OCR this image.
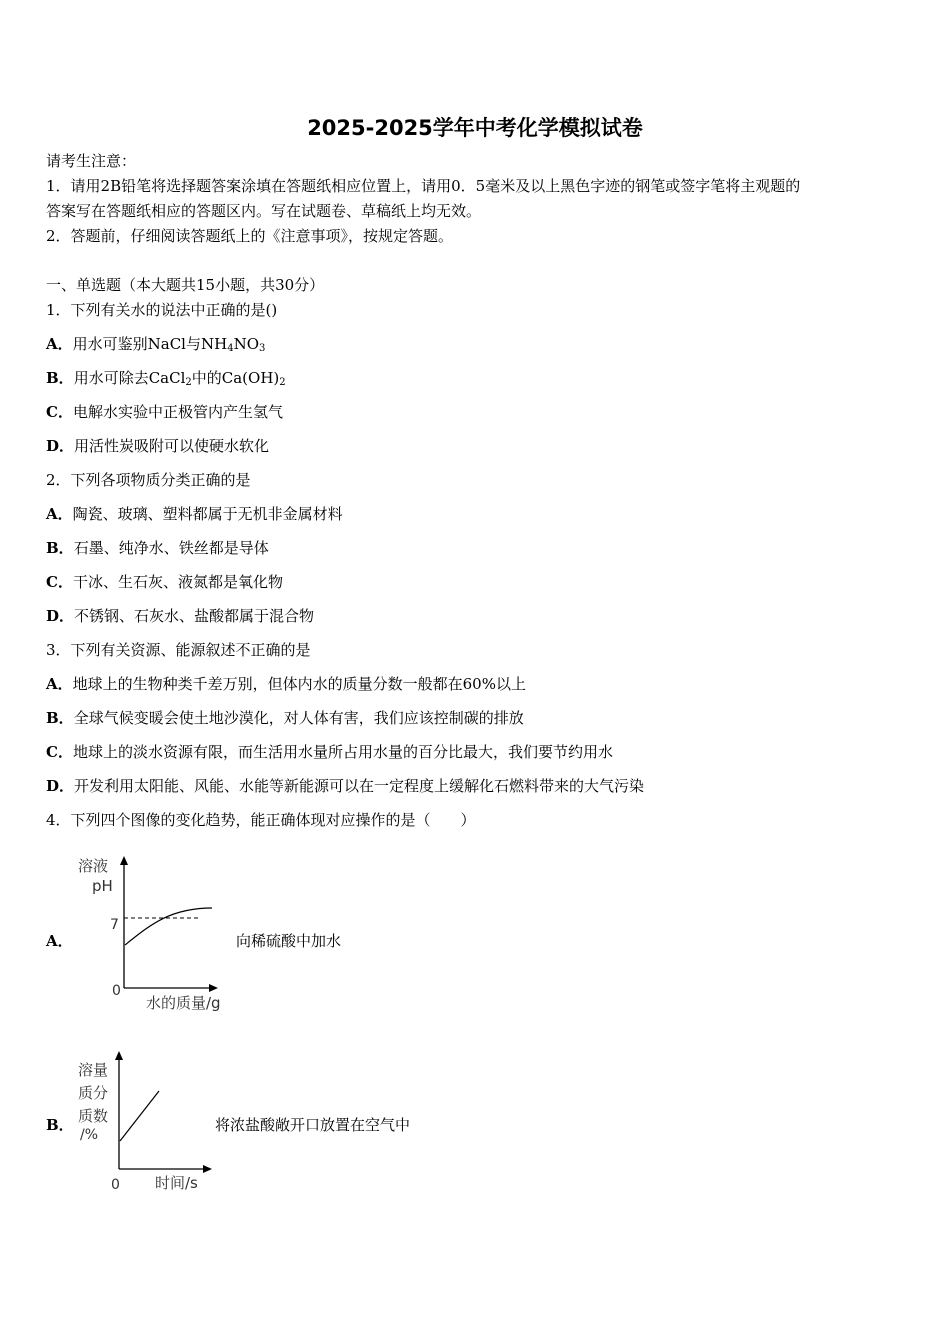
2025-2025学年中考化学模拟试卷
请考生注意：
1．请用2B铅笔将选择题答案涂填在答题纸相应位置上，请用0．5毫米及以上黑色字迹的钢笔或签字笔将主观题的
答案写在答题纸相应的答题区内。写在试题卷、草稿纸上均无效。
2．答题前，仔细阅读答题纸上的《注意事项》，按规定答题。
一、单选题（本大题共15小题，共30分）
1．下列有关水的说法中正确的是()
A．用水可鉴别NaCl与$NH_4NO_3$
B．用水可除去CaCl$_2$中的$Ca(OH)_2$
C．电解水实验中正极管内产生氢气
D．用活性炭吸附可以使硬水软化
2．下列各项物质分类正确的是
A．陶瓷、玻璃、塑料都属于无机非金属材料
B．石墨、纯净水、铁丝都是导体
C．干冰、生石灰、液氮都是氧化物
D．不锈钢、石灰水、盐酸都属于混合物
3．下列有关资源、能源叙述不正确的是
A．地球上的生物种类千差万别，但体内水的质量分数一般都在60%以上
B．全球气候变暖会使土地沙漠化，对人体有害，我们应该控制碳的排放
C．地球上的淡水资源有限，而生活用水量所占用水量的百分比最大，我们要节约用水
D．开发利用太阳能、风能、水能等新能源可以在一定程度上缓解化石燃料带来的大气污染
4．下列四个图像的变化趋势，能正确体现对应操作的是（　　）
A．
溶液
pH
7
0
水的质量/g
向稀硫酸中加水
B．
溶量
质分
质数
/%
0 时间/s
将浓盐酸敞开口放置在空气中
